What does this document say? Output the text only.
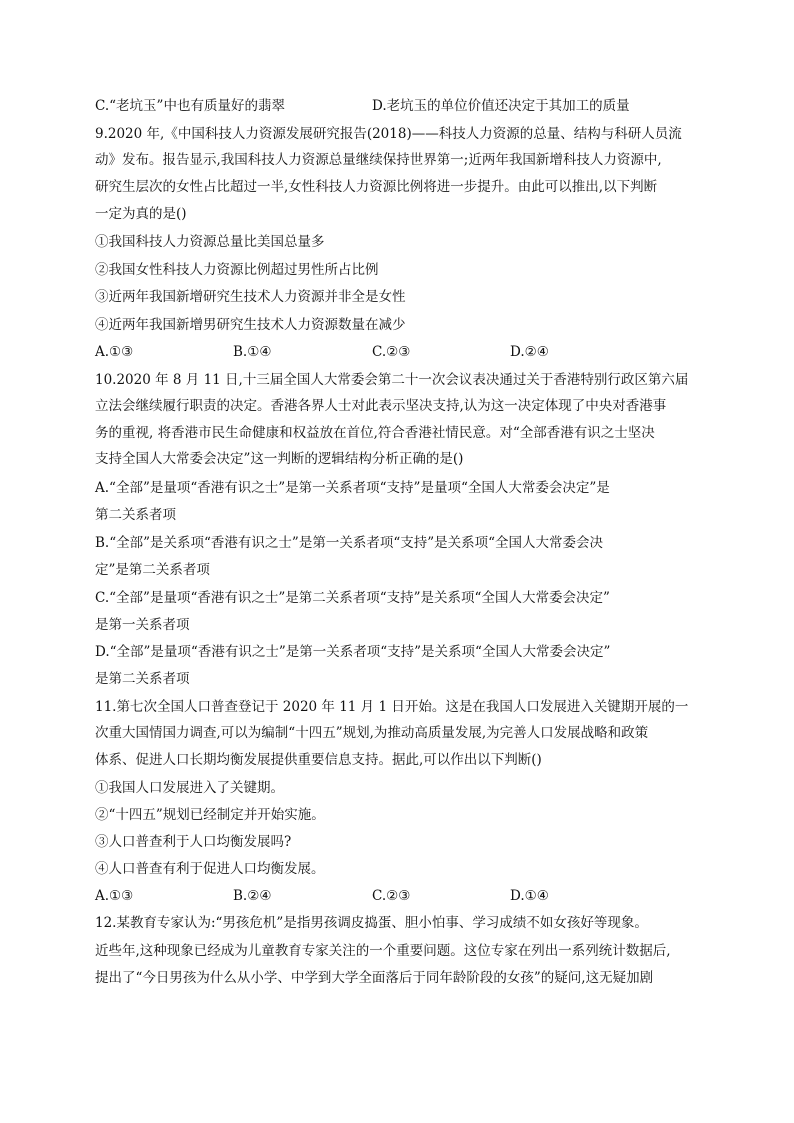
C.“老坑玉”中也有质量好的翡翠	D.老坑玉的单位价值还决定于其加工的质量
9.2020 年,《中国科技人力资源发展研究报告(2018)——科技人力资源的总量、结构与科研人员流
动》发布。报告显示,我国科技人力资源总量继续保持世界第一;近两年我国新增科技人力资源中,
研究生层次的女性占比超过一半,女性科技人力资源比例将进一步提升。由此可以推出,以下判断
一定为真的是()
①我国科技人力资源总量比美国总量多
②我国女性科技人力资源比例超过男性所占比例
③近两年我国新增研究生技术人力资源并非全是女性
④近两年我国新增男研究生技术人力资源数量在减少
A.①③	B.①④	C.②③	D.②④
10.2020 年 8 月 11 日,十三届全国人大常委会第二十一次会议表决通过关于香港特别行政区第六届
立法会继续履行职责的决定。香港各界人士对此表示坚决支持,认为这一决定体现了中央对香港事
务的重视, 将香港市民生命健康和权益放在首位,符合香港社情民意。对“全部香港有识之士坚决
支持全国人大常委会决定”这一判断的逻辑结构分析正确的是()
A.“全部”是量项“香港有识之士”是第一关系者项“支持”是量项“全国人大常委会决定”是
第二关系者项
B.“全部”是关系项“香港有识之士”是第一关系者项“支持”是关系项“全国人大常委会决
定”是第二关系者项
C.“全部”是量项“香港有识之士”是第二关系者项“支持”是关系项“全国人大常委会决定”
是第一关系者项
D.“全部”是量项“香港有识之士”是第一关系者项“支持”是关系项“全国人大常委会决定”
是第二关系者项
11.第七次全国人口普查登记于 2020 年 11 月 1 日开始。这是在我国人口发展进入关键期开展的一
次重大国情国力调查,可以为编制“十四五”规划,为推动高质量发展,为完善人口发展战略和政策
体系、促进人口长期均衡发展提供重要信息支持。据此,可以作出以下判断()
①我国人口发展进入了关键期。
②“十四五”规划已经制定并开始实施。
③人口普查利于人口均衡发展吗?
④人口普查有利于促进人口均衡发展。
A.①③	B.②④	C.②③	D.①④
12.某教育专家认为:“男孩危机”是指男孩调皮捣蛋、胆小怕事、学习成绩不如女孩好等现象。
近些年,这种现象已经成为儿童教育专家关注的一个重要问题。这位专家在列出一系列统计数据后,
提出了“今日男孩为什么从小学、中学到大学全面落后于同年龄阶段的女孩”的疑问,这无疑加剧
